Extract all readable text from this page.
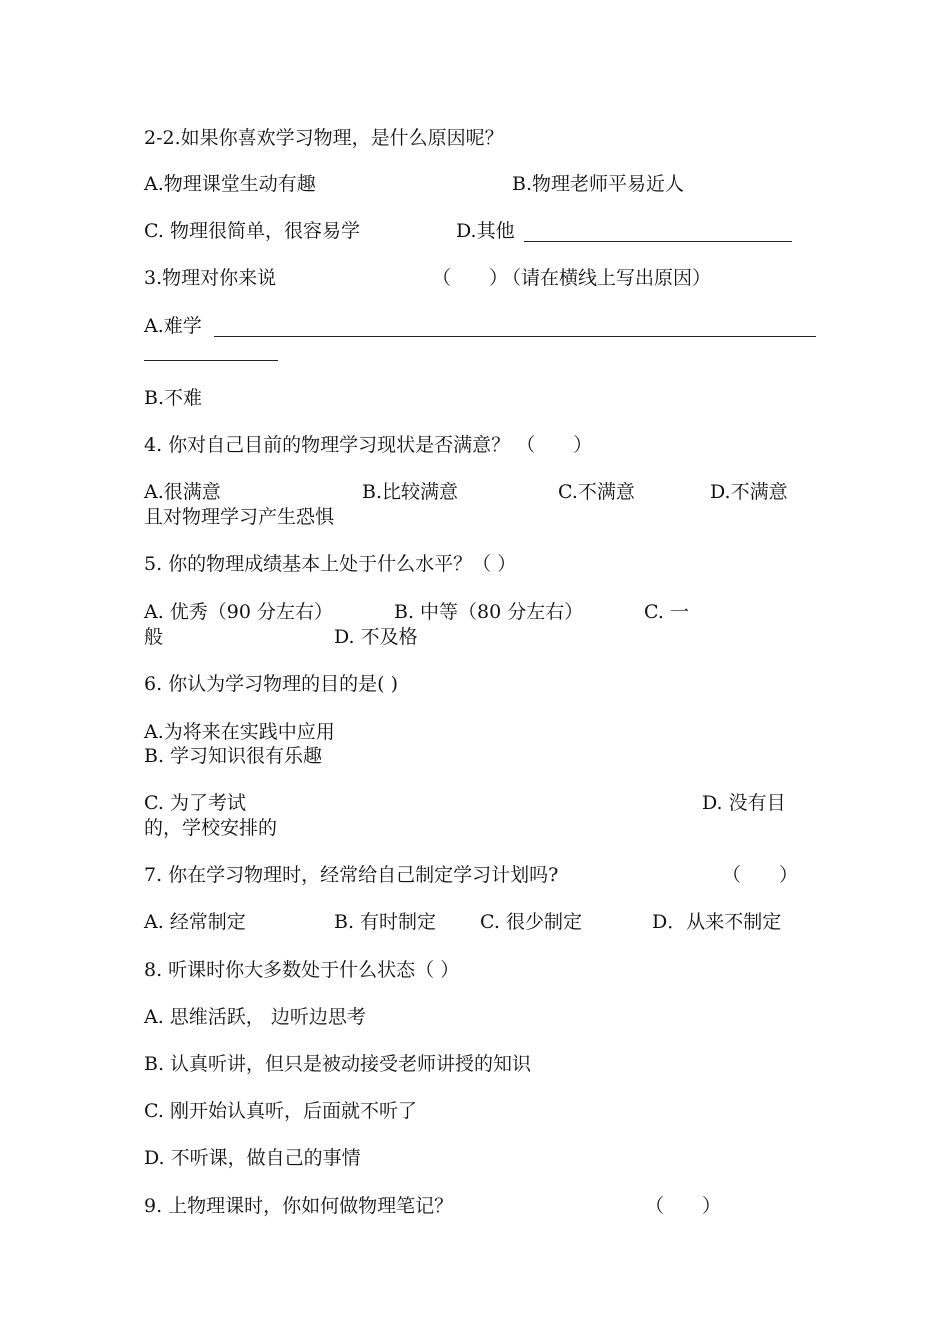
2-2.如果你喜欢学习物理，是什么原因呢？
A.物理课堂生动有趣	B.物理老师平易近人
C. 物理很简单，很容易学	D.其他
3.物理对你来说	（　　）
（请在横线上写出原因）
A.难学
B.不难
4. 你对自己目前的物理学习现状是否满意？ （　　）
A.很满意	B.比较满意	C.不满意	D.不满意
且对物理学习产生恐惧
5. 你的物理成绩基本上处于什么水平？（ ）
A. 优秀（90 分左右）	B. 中等（80 分左右）	C. 一
般	D. 不及格
6. 你认为学习物理的目的是( )
A.为将来在实践中应用
B. 学习知识很有乐趣
C. 为了考试	D. 没有目
的，学校安排的
7. 你在学习物理时，经常给自己制定学习计划吗?	（　　）
A. 经常制定	B. 有时制定 C. 很少制定	D．从来不制定
8. 听课时你大多数处于什么状态（ ）
A. 思维活跃， 边听边思考
B. 认真听讲，但只是被动接受老师讲授的知识
C. 刚开始认真听，后面就不听了
D. 不听课，做自己的事情
9. 上物理课时，你如何做物理笔记？	（　　）
